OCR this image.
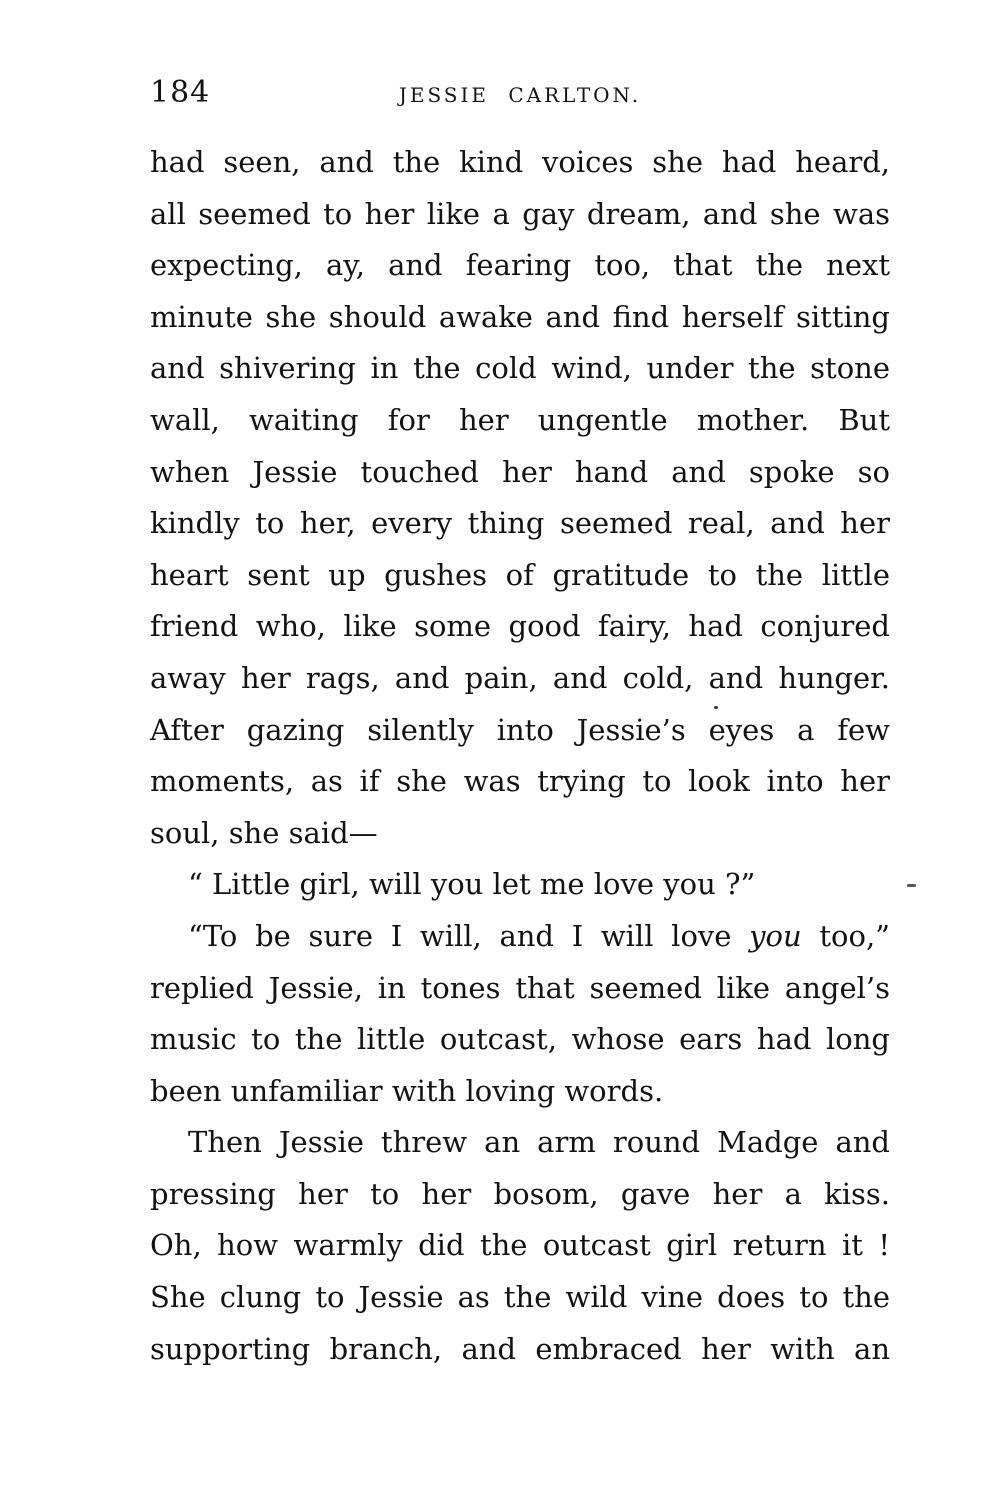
184	JESSIE CARLTON.
had seen, and the kind voices she had heard,
all seemed to her like a gay dream, and she was
expecting, ay, and fearing too, that the next
minute she should awake and find herself sitting
and shivering in the cold wind, under the stone
wall, waiting for her ungentle mother. But
when Jessie touched her hand and spoke so
kindly to her, every thing seemed real, and her
heart sent up gushes of gratitude to the little
friend who, like some good fairy, had conjured
away her rags, and pain, and cold, and hunger.
After gazing silently into Jessie’s eyes a few
moments, as if she was trying to look into her
soul, she said—
“ Little girl, will you let me love you ?”
“To be sure I will, and I will love you too,”
replied Jessie, in tones that seemed like angel’s
music to the little outcast, whose ears had long
been unfamiliar with loving words.
Then Jessie threw an arm round Madge and
pressing her to her bosom, gave her a kiss.
Oh, how warmly did the outcast girl return it !
She clung to Jessie as the wild vine does to the
supporting branch, and embraced her with an
